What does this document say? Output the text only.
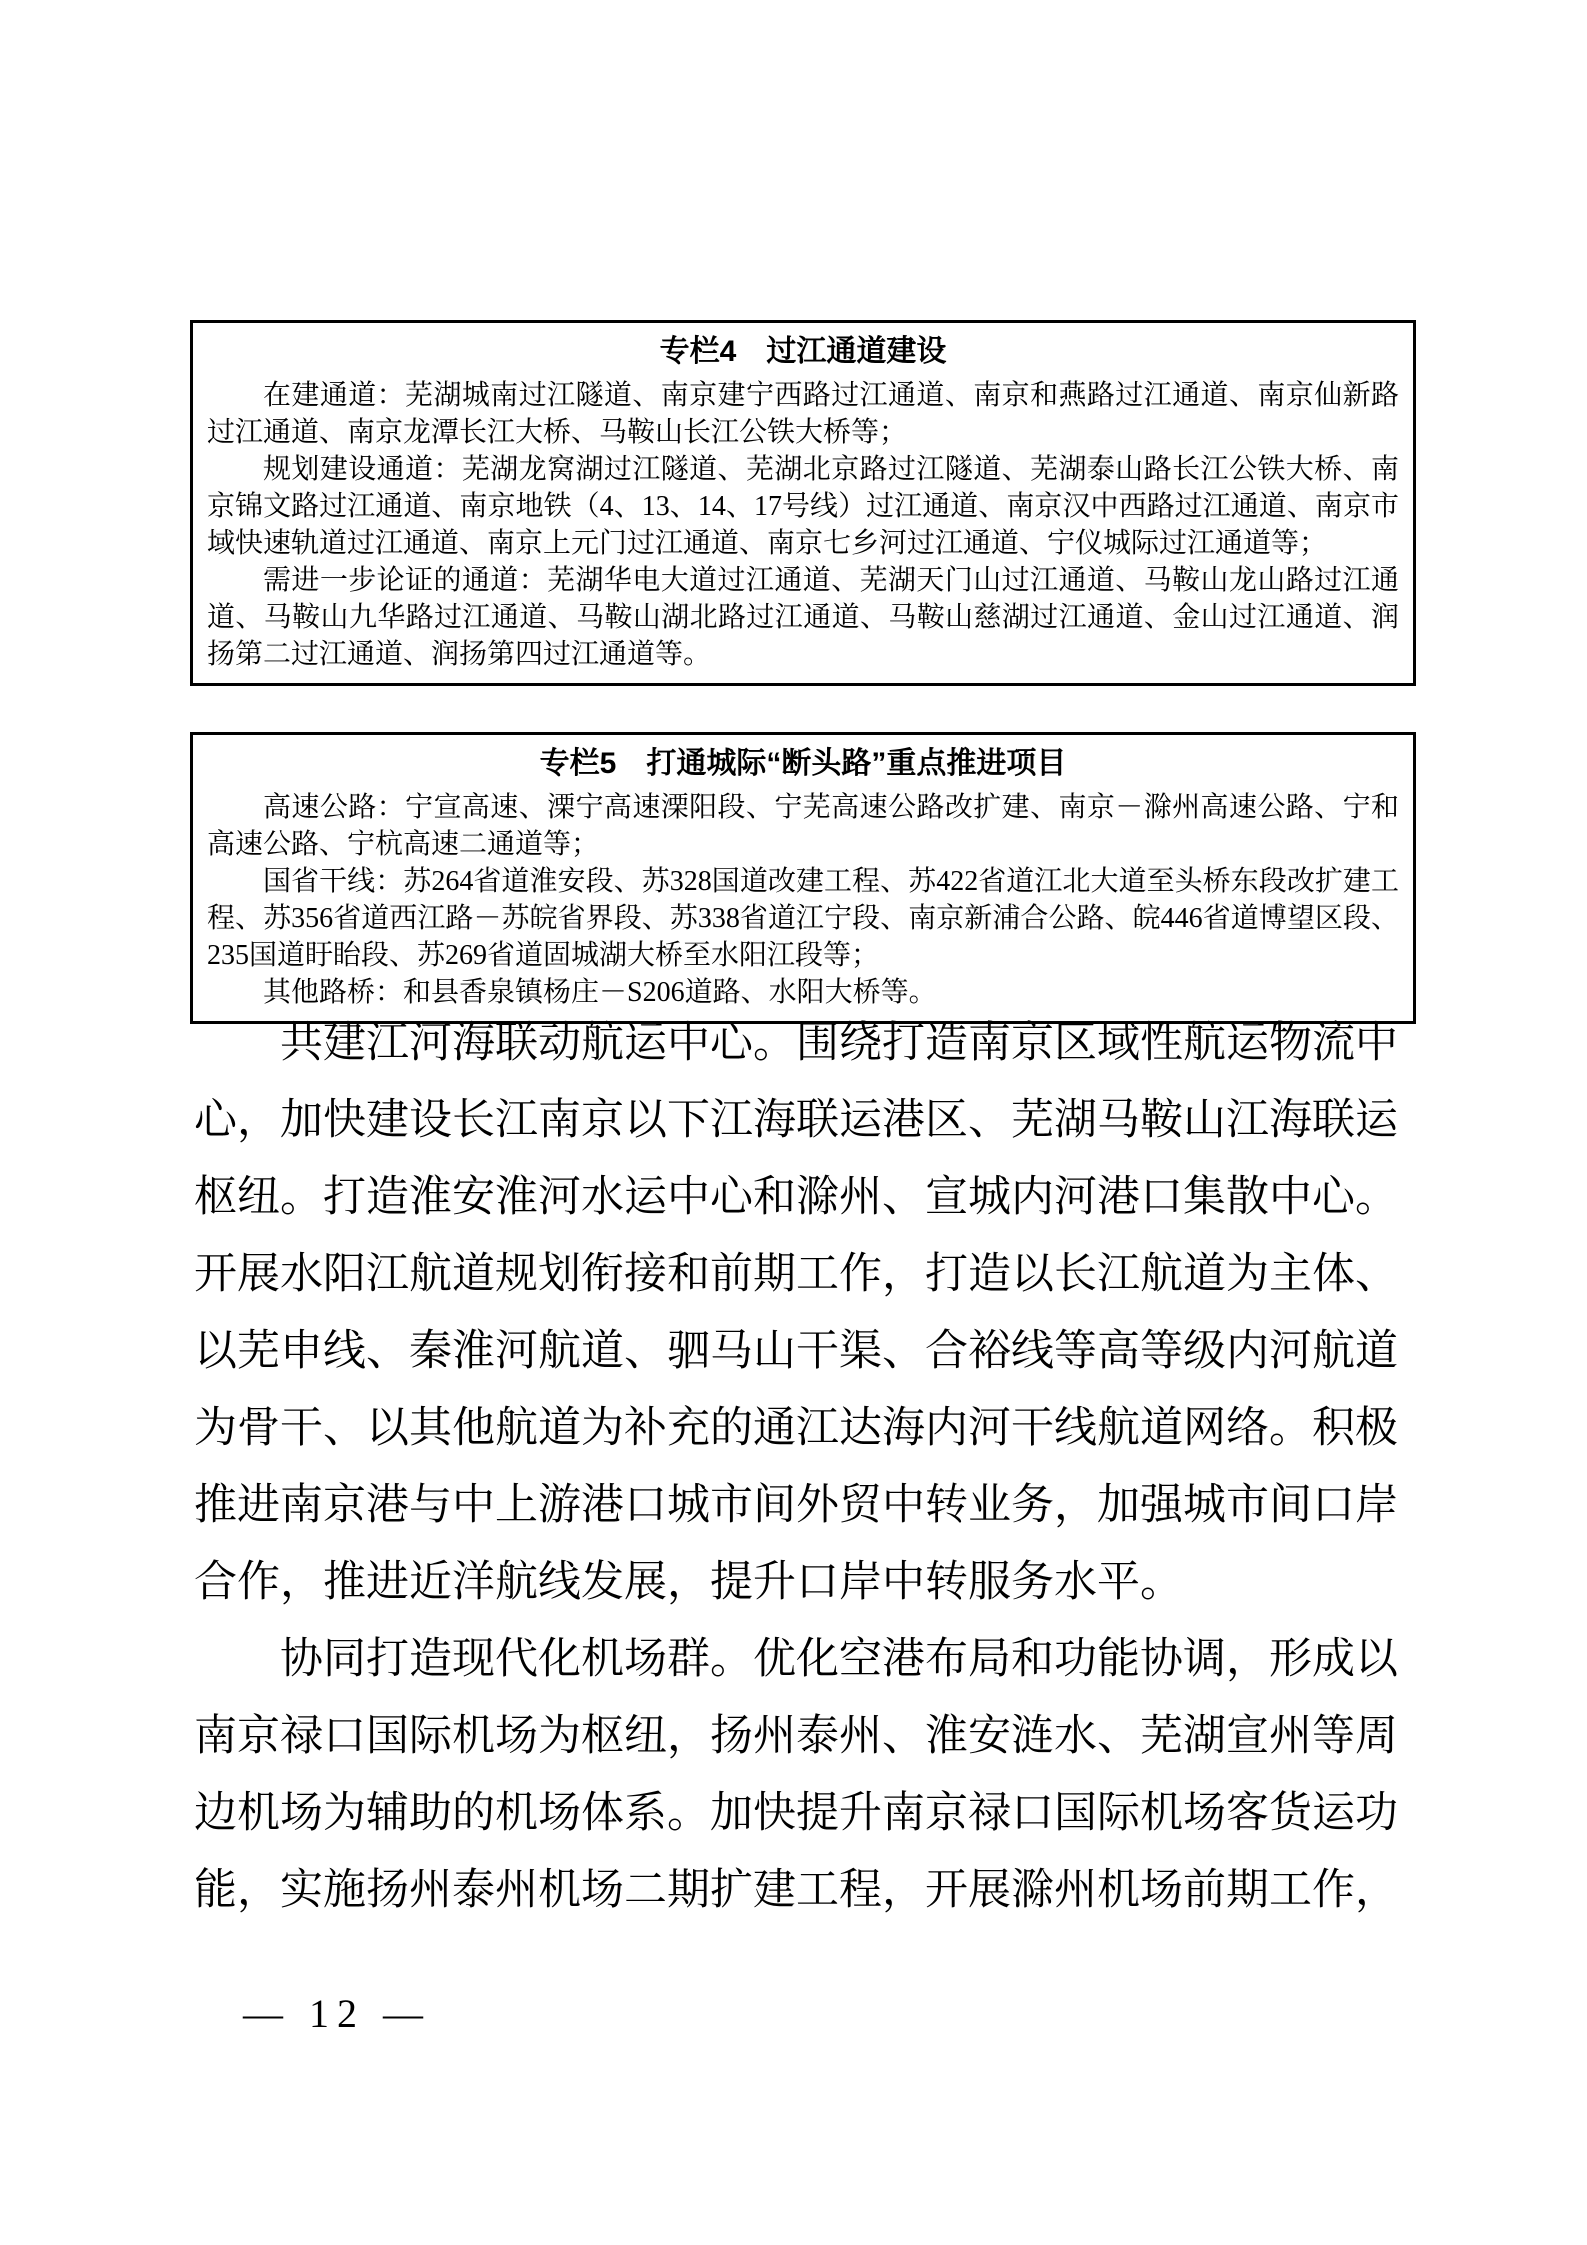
专栏4　过江通道建设

在建通道：芜湖城南过江隧道、南京建宁西路过江通道、南京和燕路过江通道、南京仙新路过江通道、南京龙潭长江大桥、马鞍山长江公铁大桥等；

规划建设通道：芜湖龙窝湖过江隧道、芜湖北京路过江隧道、芜湖泰山路长江公铁大桥、南京锦文路过江通道、南京地铁（4、13、14、17号线）过江通道、南京汉中西路过江通道、南京市域快速轨道过江通道、南京上元门过江通道、南京七乡河过江通道、宁仪城际过江通道等；

需进一步论证的通道：芜湖华电大道过江通道、芜湖天门山过江通道、马鞍山龙山路过江通道、马鞍山九华路过江通道、马鞍山湖北路过江通道、马鞍山慈湖过江通道、金山过江通道、润扬第二过江通道、润扬第四过江通道等。

专栏5　打通城际“断头路”重点推进项目

高速公路：宁宣高速、溧宁高速溧阳段、宁芜高速公路改扩建、南京－滁州高速公路、宁和高速公路、宁杭高速二通道等；

国省干线：苏264省道淮安段、苏328国道改建工程、苏422省道江北大道至头桥东段改扩建工程、苏356省道西江路－苏皖省界段、苏338省道江宁段、南京新浦合公路、皖446省道博望区段、235国道盱眙段、苏269省道固城湖大桥至水阳江段等；

其他路桥：和县香泉镇杨庄－S206道路、水阳大桥等。

共建江河海联动航运中心。围绕打造南京区域性航运物流中心，加快建设长江南京以下江海联运港区、芜湖马鞍山江海联运枢纽。打造淮安淮河水运中心和滁州、宣城内河港口集散中心。开展水阳江航道规划衔接和前期工作，打造以长江航道为主体、以芜申线、秦淮河航道、驷马山干渠、合裕线等高等级内河航道为骨干、以其他航道为补充的通江达海内河干线航道网络。积极推进南京港与中上游港口城市间外贸中转业务，加强城市间口岸合作，推进近洋航线发展，提升口岸中转服务水平。

协同打造现代化机场群。优化空港布局和功能协调，形成以南京禄口国际机场为枢纽，扬州泰州、淮安涟水、芜湖宣州等周边机场为辅助的机场体系。加快提升南京禄口国际机场客货运功能，实施扬州泰州机场二期扩建工程，开展滁州机场前期工作，

— 12 —
